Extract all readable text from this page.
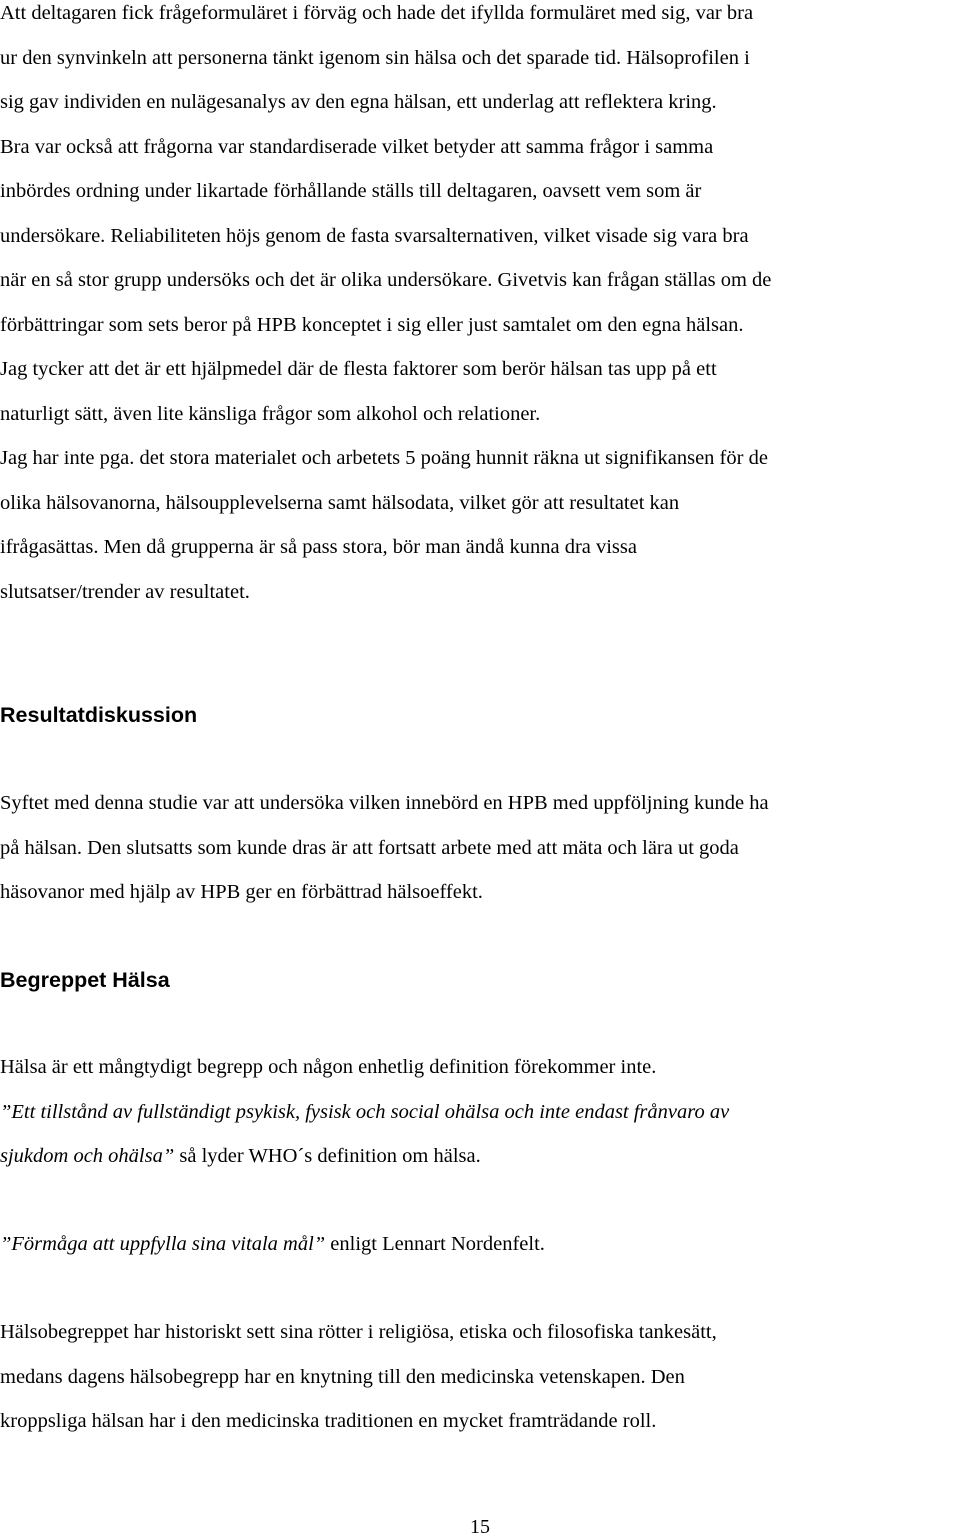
Att deltagaren fick frågeformuläret i förväg och hade det ifyllda formuläret med sig, var bra
ur den synvinkeln att personerna tänkt igenom sin hälsa och det sparade tid. Hälsoprofilen i
sig gav individen en nulägesanalys av den egna hälsan, ett underlag att reflektera kring.
Bra var också att frågorna var standardiserade vilket betyder att samma frågor i samma
inbördes ordning under likartade förhållande ställs till deltagaren, oavsett vem som är
undersökare. Reliabiliteten höjs genom de fasta svarsalternativen, vilket visade sig vara bra
när en så stor grupp undersöks och det är olika undersökare. Givetvis kan frågan ställas om de
förbättringar som sets beror på HPB konceptet i sig eller just samtalet om den egna hälsan.
Jag tycker att det är ett hjälpmedel där de flesta faktorer som berör hälsan tas upp på ett
naturligt sätt, även lite känsliga frågor som alkohol och relationer.
Jag har inte pga. det stora materialet och arbetets 5 poäng hunnit räkna ut signifikansen för de
olika hälsovanorna, hälsoupplevelserna samt hälsodata, vilket gör att resultatet kan
ifrågasättas. Men då grupperna är så pass stora, bör man ändå kunna dra vissa
slutsatser/trender av resultatet.
Resultatdiskussion
Syftet med denna studie var att undersöka vilken innebörd en HPB med uppföljning kunde ha
på hälsan. Den slutsatts som kunde dras är att fortsatt arbete med att mäta och lära ut goda
häsovanor med hjälp av HPB ger en förbättrad hälsoeffekt.
Begreppet Hälsa
Hälsa är ett mångtydigt begrepp och någon enhetlig definition förekommer inte.
”Ett tillstånd av fullständigt psykisk, fysisk och social ohälsa och inte endast frånvaro av
sjukdom och ohälsa” så lyder WHO´s definition om hälsa.
”Förmåga att uppfylla sina vitala mål” enligt Lennart Nordenfelt.
Hälsobegreppet har historiskt sett sina rötter i religiösa, etiska och filosofiska tankesätt,
medans dagens hälsobegrepp har en knytning till den medicinska vetenskapen. Den
kroppsliga hälsan har i den medicinska traditionen en mycket framträdande roll.
15
